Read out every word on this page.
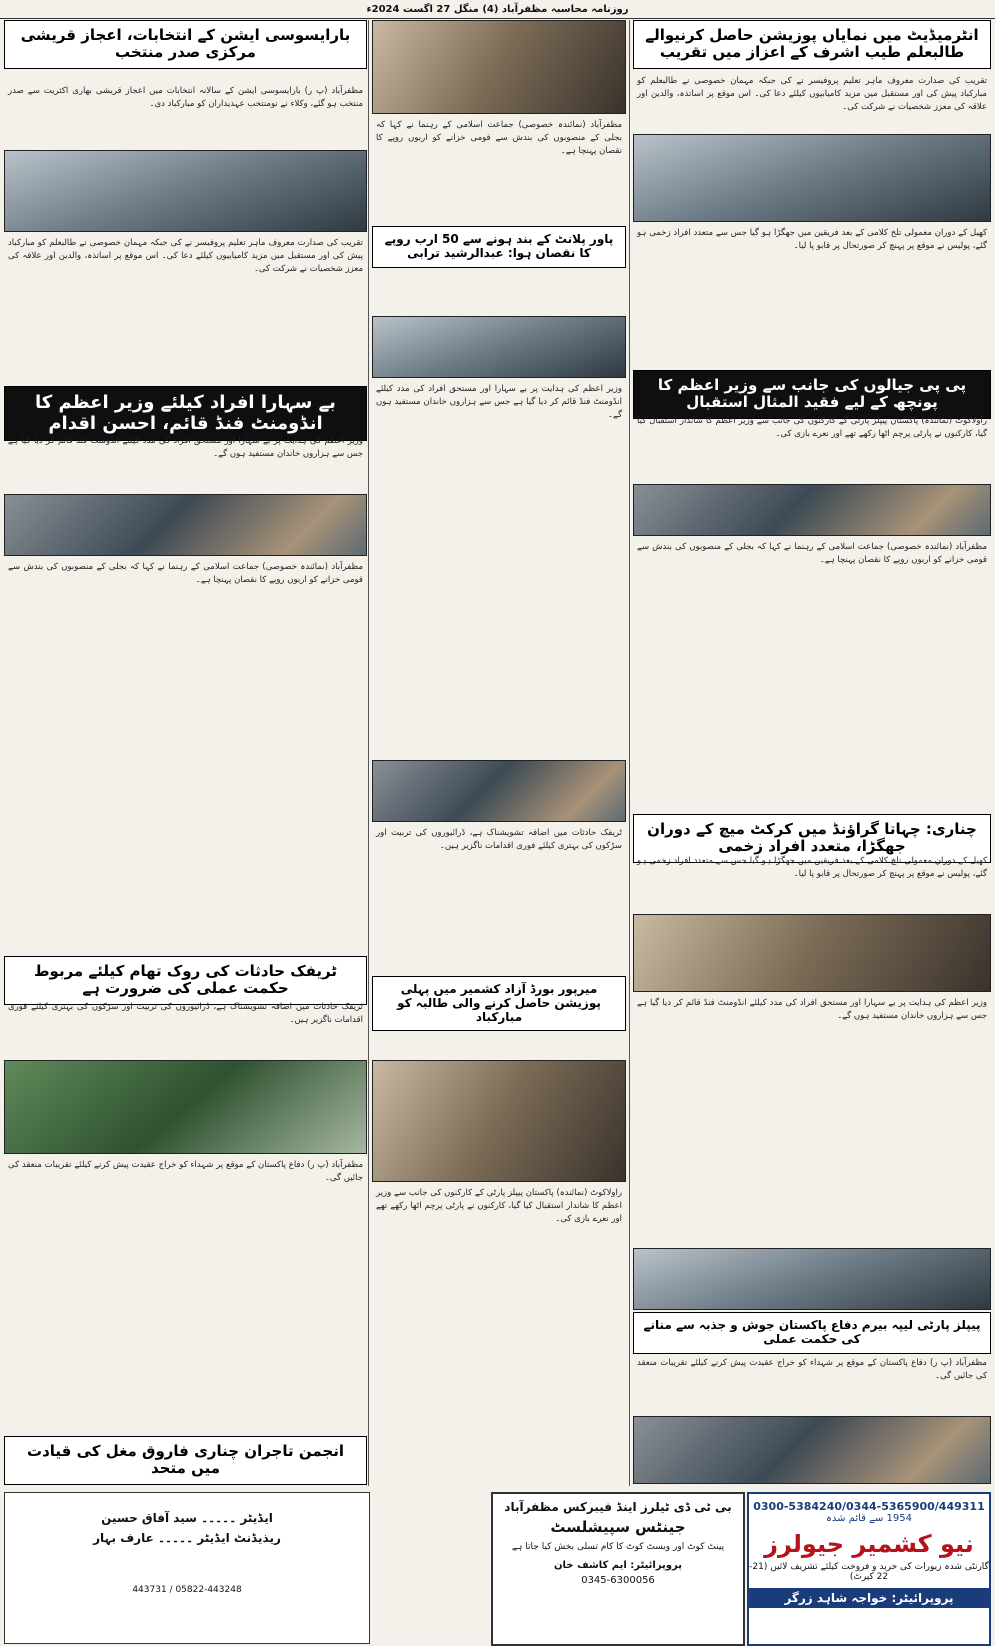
روزنامہ محاسبہ مظفرآباد (4) منگل 27 اگست 2024ء
انٹرمیڈیٹ میں نمایاں پوزیشن حاصل کرنیوالے طالبعلم طیب اشرف کے اعزاز میں تقریب
تقریب کی صدارت معروف ماہر تعلیم پروفیسر نے کی جبکہ مہمان خصوصی نے طالبعلم کو مبارکباد پیش کی اور مستقبل میں مزید کامیابیوں کیلئے دعا کی۔ اس موقع پر اساتذہ، والدین اور علاقہ کی معزز شخصیات نے شرکت کی۔
کھیل کے دوران معمولی تلخ کلامی کے بعد فریقین میں جھگڑا ہو گیا جس سے متعدد افراد زخمی ہو گئے، پولیس نے موقع پر پہنچ کر صورتحال پر قابو پا لیا۔
پی پی جیالوں کی جانب سے وزیر اعظم کا پونچھ کے لیے فقید المثال استقبال
راولاکوٹ (نمائندہ) پاکستان پیپلز پارٹی کے کارکنوں کی جانب سے وزیر اعظم کا شاندار استقبال کیا گیا، کارکنوں نے پارٹی پرچم اٹھا رکھے تھے اور نعرے بازی کی۔
مظفرآباد (نمائندہ خصوصی) جماعت اسلامی کے رہنما نے کہا کہ بجلی کے منصوبوں کی بندش سے قومی خزانے کو اربوں روپے کا نقصان پہنچا ہے۔
چناری: چہاتا گراؤنڈ میں کرکٹ میچ کے دوران جھگڑا، متعدد افراد زخمی
کھیل کے دوران معمولی تلخ کلامی کے بعد فریقین میں جھگڑا ہو گیا جس سے متعدد افراد زخمی ہو گئے، پولیس نے موقع پر پہنچ کر صورتحال پر قابو پا لیا۔
وزیر اعظم کی ہدایت پر بے سہارا اور مستحق افراد کی مدد کیلئے انڈومنٹ فنڈ قائم کر دیا گیا ہے جس سے ہزاروں خاندان مستفید ہوں گے۔
پیپلز پارٹی لیپہ بیرم دفاع پاکستان جوش و جذبہ سے منانے کی حکمت عملی
مظفرآباد (پ ر) دفاع پاکستان کے موقع پر شہداء کو خراج عقیدت پیش کرنے کیلئے تقریبات منعقد کی جائیں گی۔
مظفرآباد (نمائندہ خصوصی) جماعت اسلامی کے رہنما نے کہا کہ بجلی کے منصوبوں کی بندش سے قومی خزانے کو اربوں روپے کا نقصان پہنچا ہے۔
پاور پلانٹ کے بند ہونے سے 50 ارب روپے کا نقصان ہوا: عبدالرشید ترابی
وزیر اعظم کی ہدایت پر بے سہارا اور مستحق افراد کی مدد کیلئے انڈومنٹ فنڈ قائم کر دیا گیا ہے جس سے ہزاروں خاندان مستفید ہوں گے۔
ٹریفک حادثات میں اضافہ تشویشناک ہے، ڈرائیوروں کی تربیت اور سڑکوں کی بہتری کیلئے فوری اقدامات ناگزیر ہیں۔
میرپور بورڈ آزاد کشمیر میں پہلی پوزیشن حاصل کرنے والی طالبہ کو مبارکباد
راولاکوٹ (نمائندہ) پاکستان پیپلز پارٹی کے کارکنوں کی جانب سے وزیر اعظم کا شاندار استقبال کیا گیا، کارکنوں نے پارٹی پرچم اٹھا رکھے تھے اور نعرے بازی کی۔
بارایسوسی ایشن کے انتخابات، اعجاز قریشی مرکزی صدر منتخب
مظفرآباد (پ ر) بارایسوسی ایشن کے سالانہ انتخابات میں اعجاز قریشی بھاری اکثریت سے صدر منتخب ہو گئے، وکلاء نے نومنتخب عہدیداران کو مبارکباد دی۔
تقریب کی صدارت معروف ماہر تعلیم پروفیسر نے کی جبکہ مہمان خصوصی نے طالبعلم کو مبارکباد پیش کی اور مستقبل میں مزید کامیابیوں کیلئے دعا کی۔ اس موقع پر اساتذہ، والدین اور علاقہ کی معزز شخصیات نے شرکت کی۔
بے سہارا افراد کیلئے وزیر اعظم کا انڈومنٹ فنڈ قائم، احسن اقدام
وزیر اعظم کی ہدایت پر بے سہارا اور مستحق افراد کی مدد کیلئے انڈومنٹ فنڈ قائم کر دیا گیا ہے جس سے ہزاروں خاندان مستفید ہوں گے۔
مظفرآباد (نمائندہ خصوصی) جماعت اسلامی کے رہنما نے کہا کہ بجلی کے منصوبوں کی بندش سے قومی خزانے کو اربوں روپے کا نقصان پہنچا ہے۔
ٹریفک حادثات کی روک تھام کیلئے مربوط حکمت عملی کی ضرورت ہے
ٹریفک حادثات میں اضافہ تشویشناک ہے، ڈرائیوروں کی تربیت اور سڑکوں کی بہتری کیلئے فوری اقدامات ناگزیر ہیں۔
مظفرآباد (پ ر) دفاع پاکستان کے موقع پر شہداء کو خراج عقیدت پیش کرنے کیلئے تقریبات منعقد کی جائیں گی۔
انجمن تاجران چناری فاروق مغل کی قیادت میں متحد
0300-5384240/0344-5365900/449311
1954 سے قائم شدہ
نیو کشمیر جیولرز
گارنٹی شدہ زیورات کی خرید و فروخت کیلئے تشریف لائیں (21-22 کیرٹ)
پروپرائیٹر: خواجہ شاہد زرگر
بی ٹی ڈی ٹیلرز اینڈ فیبرکس مظفرآباد
جینٹس سپیشلسٹ
پینٹ کوٹ اور ویسٹ کوٹ کا کام تسلی بخش کیا جاتا ہے
پروپرائیٹر: ایم کاشف خان
0345-6300056
ایڈیٹر ۔۔۔۔۔ سید آفاق حسین
ریذیڈنٹ ایڈیٹر ۔۔۔۔۔ عارف بہار
05822-443248 / 443731
